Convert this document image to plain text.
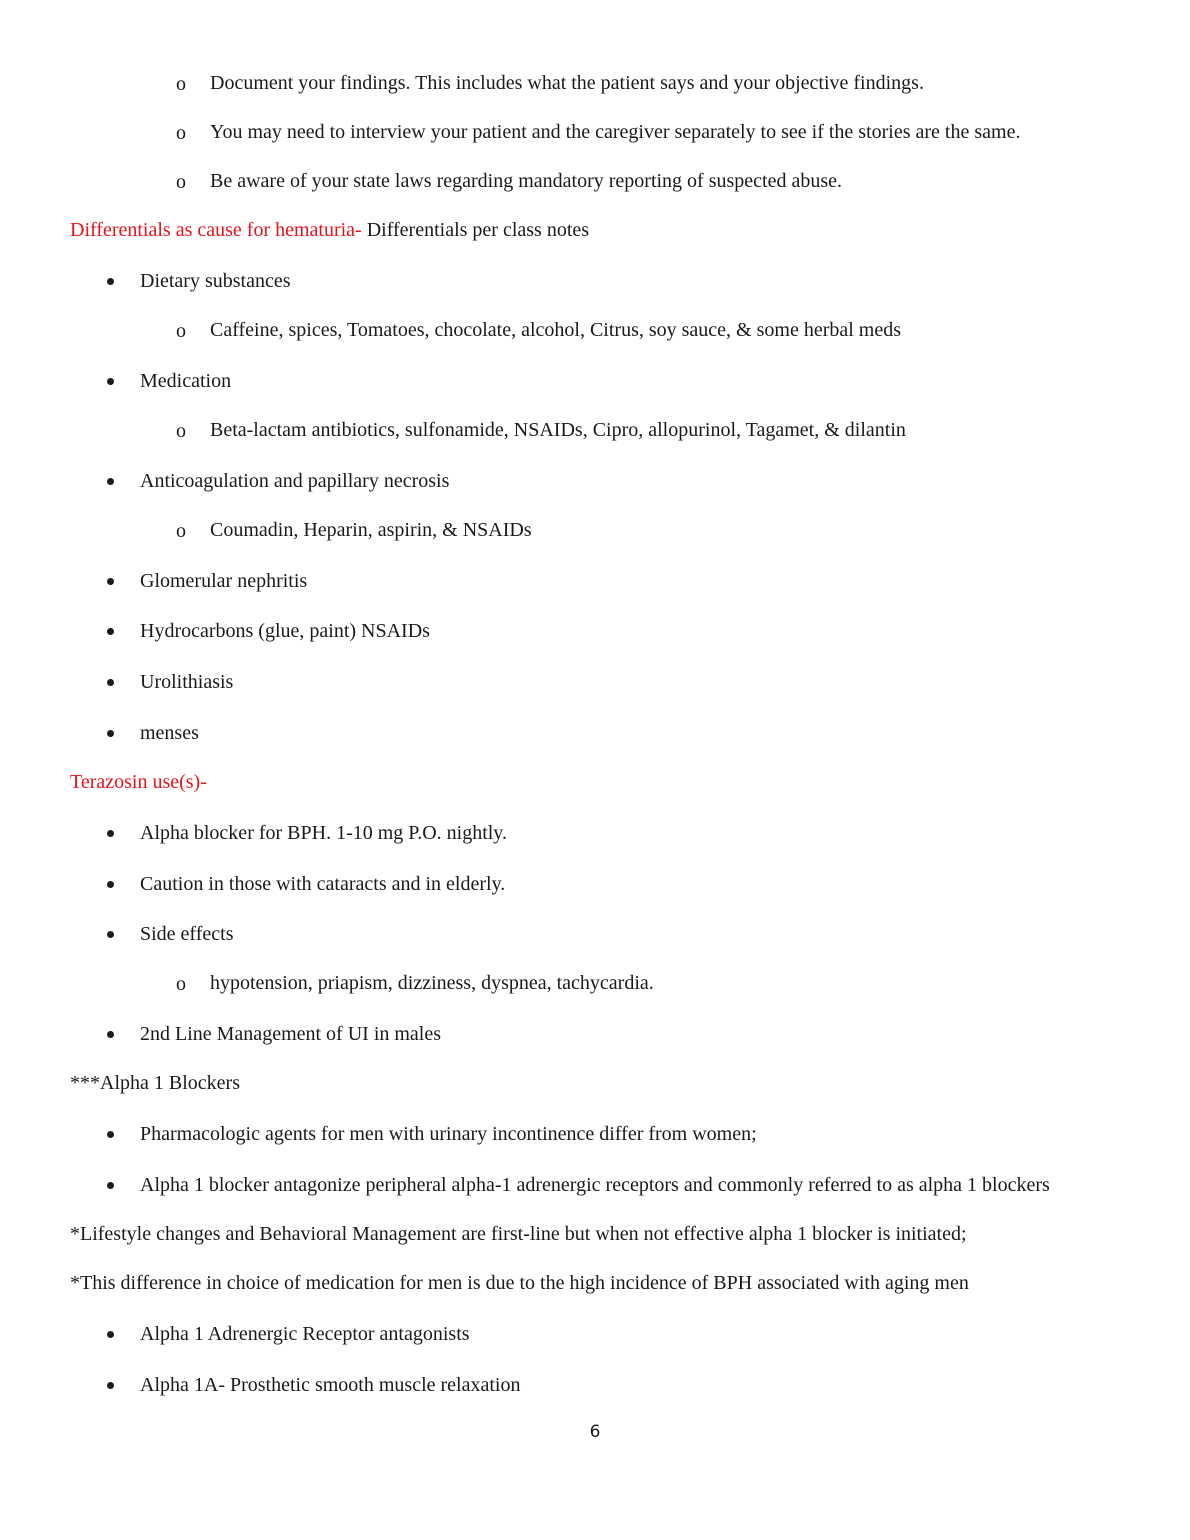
o Document your findings. This includes what the patient says and your objective findings.
o You may need to interview your patient and the caregiver separately to see if the stories are the same.
o Be aware of your state laws regarding mandatory reporting of suspected abuse.
Differentials as cause for hematuria- Differentials per class notes
Dietary substances
o Caffeine, spices, Tomatoes, chocolate, alcohol, Citrus, soy sauce, & some herbal meds
Medication
o Beta-lactam antibiotics, sulfonamide, NSAIDs, Cipro, allopurinol, Tagamet, & dilantin
Anticoagulation and papillary necrosis
o Coumadin, Heparin, aspirin, & NSAIDs
Glomerular nephritis
Hydrocarbons (glue, paint) NSAIDs
Urolithiasis
menses
Terazosin use(s)-
Alpha blocker for BPH. 1-10 mg P.O. nightly.
Caution in those with cataracts and in elderly.
Side effects
o hypotension, priapism, dizziness, dyspnea, tachycardia.
2nd Line Management of UI in males
***Alpha 1 Blockers
Pharmacologic agents for men with urinary incontinence differ from women;
Alpha 1 blocker antagonize peripheral alpha-1 adrenergic receptors and commonly referred to as alpha 1 blockers
*Lifestyle changes and Behavioral Management are first-line but when not effective alpha 1 blocker is initiated;
*This difference in choice of medication for men is due to the high incidence of BPH associated with aging men
Alpha 1 Adrenergic Receptor antagonists
Alpha 1A- Prosthetic smooth muscle relaxation
6
